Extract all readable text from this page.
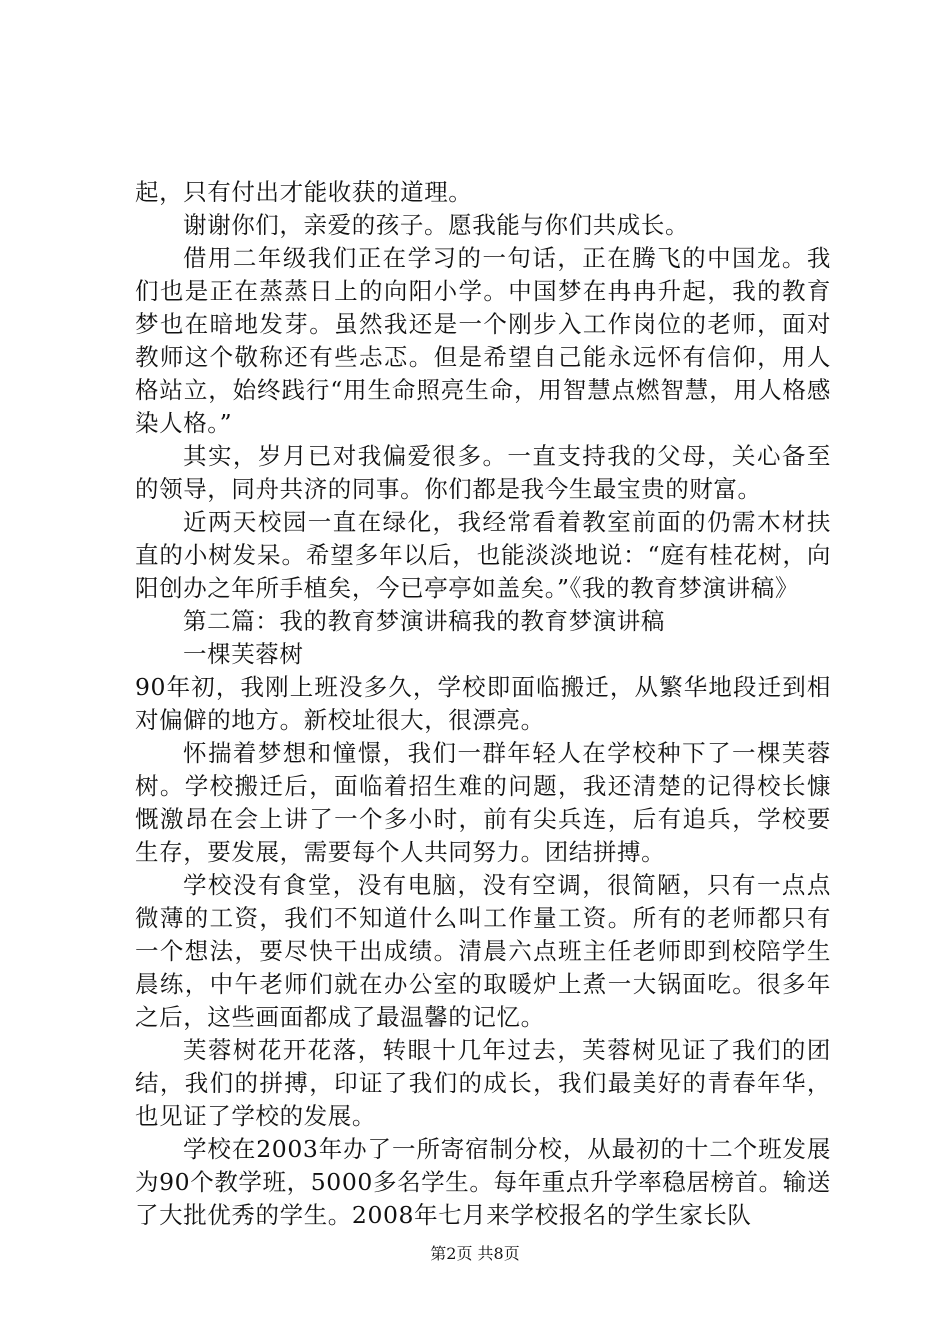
起，只有付出才能收获的道理。

谢谢你们，亲爱的孩子。愿我能与你们共成长。

借用二年级我们正在学习的一句话，正在腾飞的中国龙。我们也是正在蒸蒸日上的向阳小学。中国梦在冉冉升起，我的教育梦也在暗地发芽。虽然我还是一个刚步入工作岗位的老师，面对教师这个敬称还有些忐忑。但是希望自己能永远怀有信仰，用人格站立，始终践行“用生命照亮生命，用智慧点燃智慧，用人格感染人格。”

其实，岁月已对我偏爱很多。一直支持我的父母，关心备至的领导，同舟共济的同事。你们都是我今生最宝贵的财富。

近两天校园一直在绿化，我经常看着教室前面的仍需木材扶直的小树发呆。希望多年以后，也能淡淡地说：“庭有桂花树，向阳创办之年所手植矣，今已亭亭如盖矣。”《我的教育梦演讲稿》

第二篇：我的教育梦演讲稿我的教育梦演讲稿

一棵芙蓉树

90年初，我刚上班没多久，学校即面临搬迁，从繁华地段迁到相对偏僻的地方。新校址很大，很漂亮。

怀揣着梦想和憧憬，我们一群年轻人在学校种下了一棵芙蓉树。学校搬迁后，面临着招生难的问题，我还清楚的记得校长慷慨激昂在会上讲了一个多小时，前有尖兵连，后有追兵，学校要生存，要发展，需要每个人共同努力。团结拼搏。

学校没有食堂，没有电脑，没有空调，很简陋，只有一点点微薄的工资，我们不知道什么叫工作量工资。所有的老师都只有一个想法，要尽快干出成绩。清晨六点班主任老师即到校陪学生晨练，中午老师们就在办公室的取暖炉上煮一大锅面吃。很多年之后，这些画面都成了最温馨的记忆。

芙蓉树花开花落，转眼十几年过去，芙蓉树见证了我们的团结，我们的拼搏，印证了我们的成长，我们最美好的青春年华，也见证了学校的发展。

学校在2003年办了一所寄宿制分校，从最初的十二个班发展为90个教学班，5000多名学生。每年重点升学率稳居榜首。输送了大批优秀的学生。2008年七月来学校报名的学生家长队

第2页 共8页
